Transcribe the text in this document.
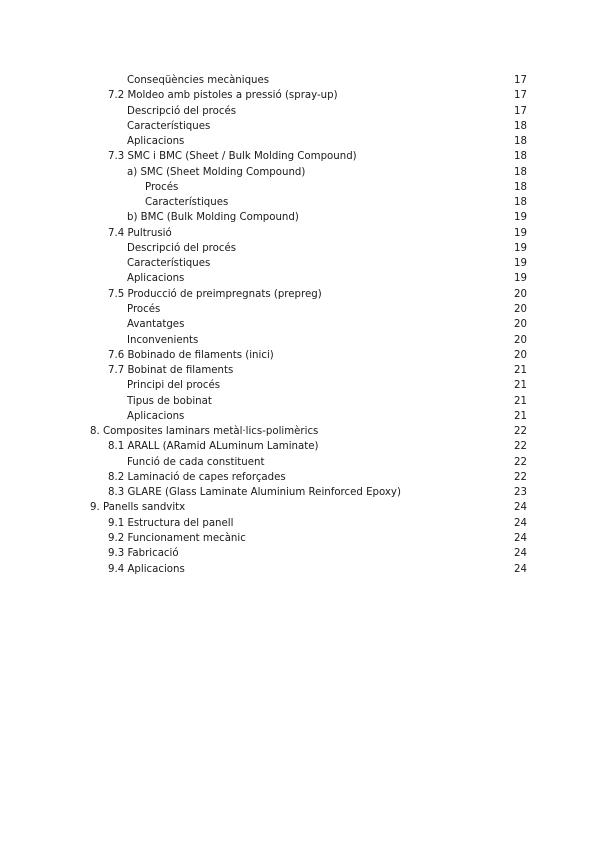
Conseqüències mecàniques	17
7.2 Moldeo amb pistoles a pressió (spray-up)	17
Descripció del procés	17
Característiques	18
Aplicacions	18
7.3 SMC i BMC (Sheet / Bulk Molding Compound)	18
a) SMC (Sheet Molding Compound)	18
Procés	18
Característiques	18
b) BMC (Bulk Molding Compound)	19
7.4 Pultrusió	19
Descripció del procés	19
Característiques	19
Aplicacions	19
7.5 Producció de preimpregnats (prepreg)	20
Procés	20
Avantatges	20
Inconvenients	20
7.6 Bobinado de filaments (inici)	20
7.7 Bobinat de filaments	21
Principi del procés	21
Tipus de bobinat	21
Aplicacions	21
8. Composites laminars metàl·lics-polimèrics	22
8.1 ARALL (ARamid ALuminum Laminate)	22
Funció de cada constituent	22
8.2 Laminació de capes reforçades	22
8.3 GLARE (Glass Laminate Aluminium Reinforced Epoxy)	23
9. Panells sandvitx	24
9.1 Estructura del panell	24
9.2 Funcionament mecànic	24
9.3 Fabricació	24
9.4 Aplicacions	24
